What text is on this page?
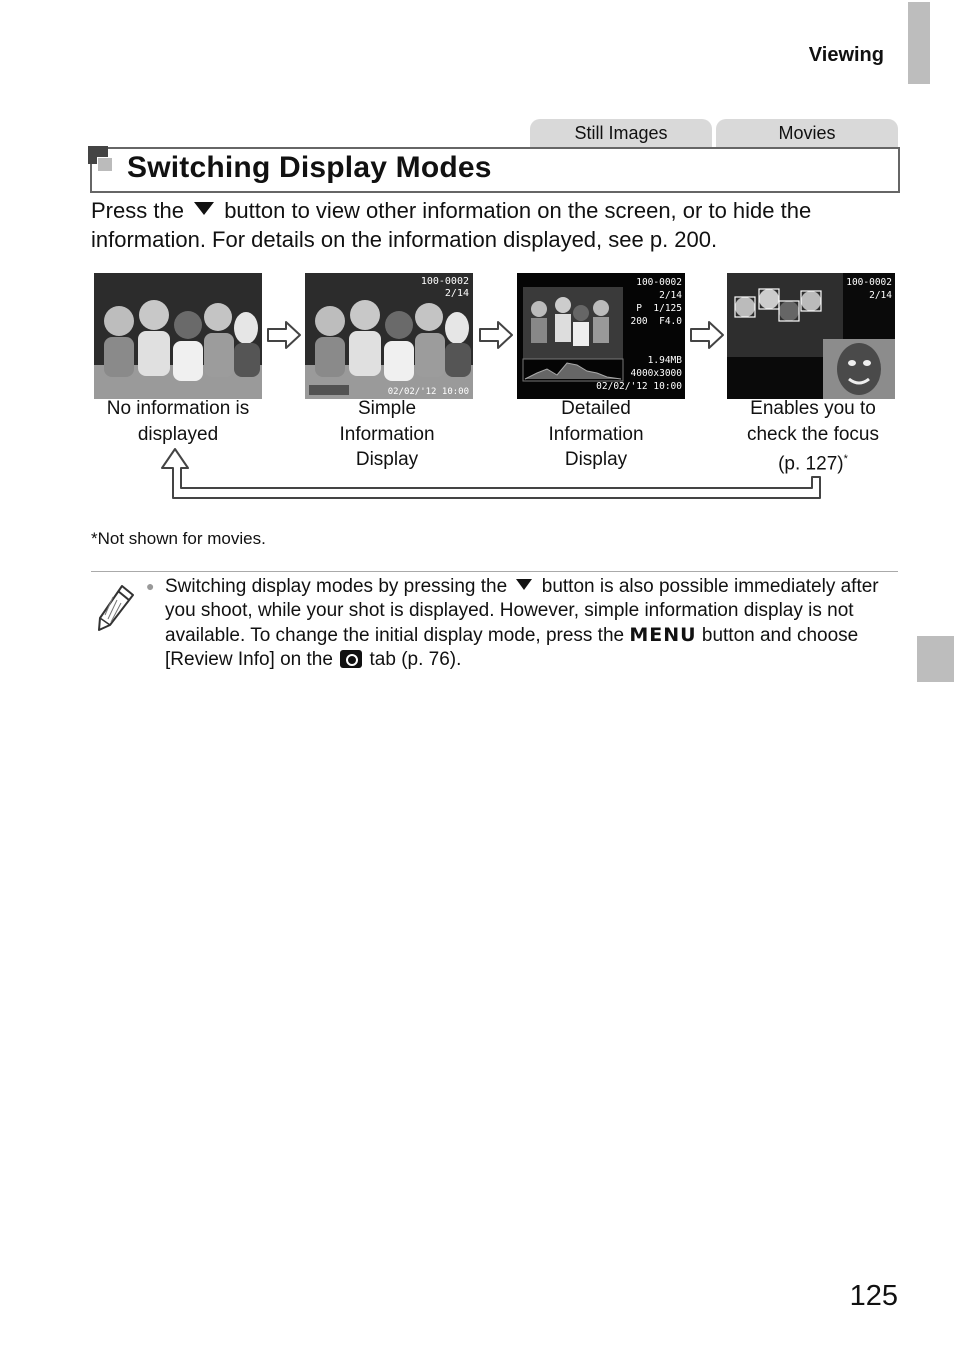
Viewing
Still Images	Movies
Switching Display Modes
Press the button to view other information on the screen, or to hide the information. For details on the information displayed, see p. 200.
100-0002
2/14
02/02/'12 10:00
100-0002
2/14
P 1/125
200 F4.0

1.94MB
4000x3000
02/02/'12 10:00
100-0002
2/14
No information is
displayed
Simple
Information
Display
Detailed
Information
Display
Enables you to
check the focus
(p. 127)*
*Not shown for movies.
● Switching display modes by pressing the button is also possible immediately after you shoot, while your shot is displayed. However, simple information display is not available. To change the initial display mode, press the MENU button and choose [Review Info] on the tab (p. 76).
125
